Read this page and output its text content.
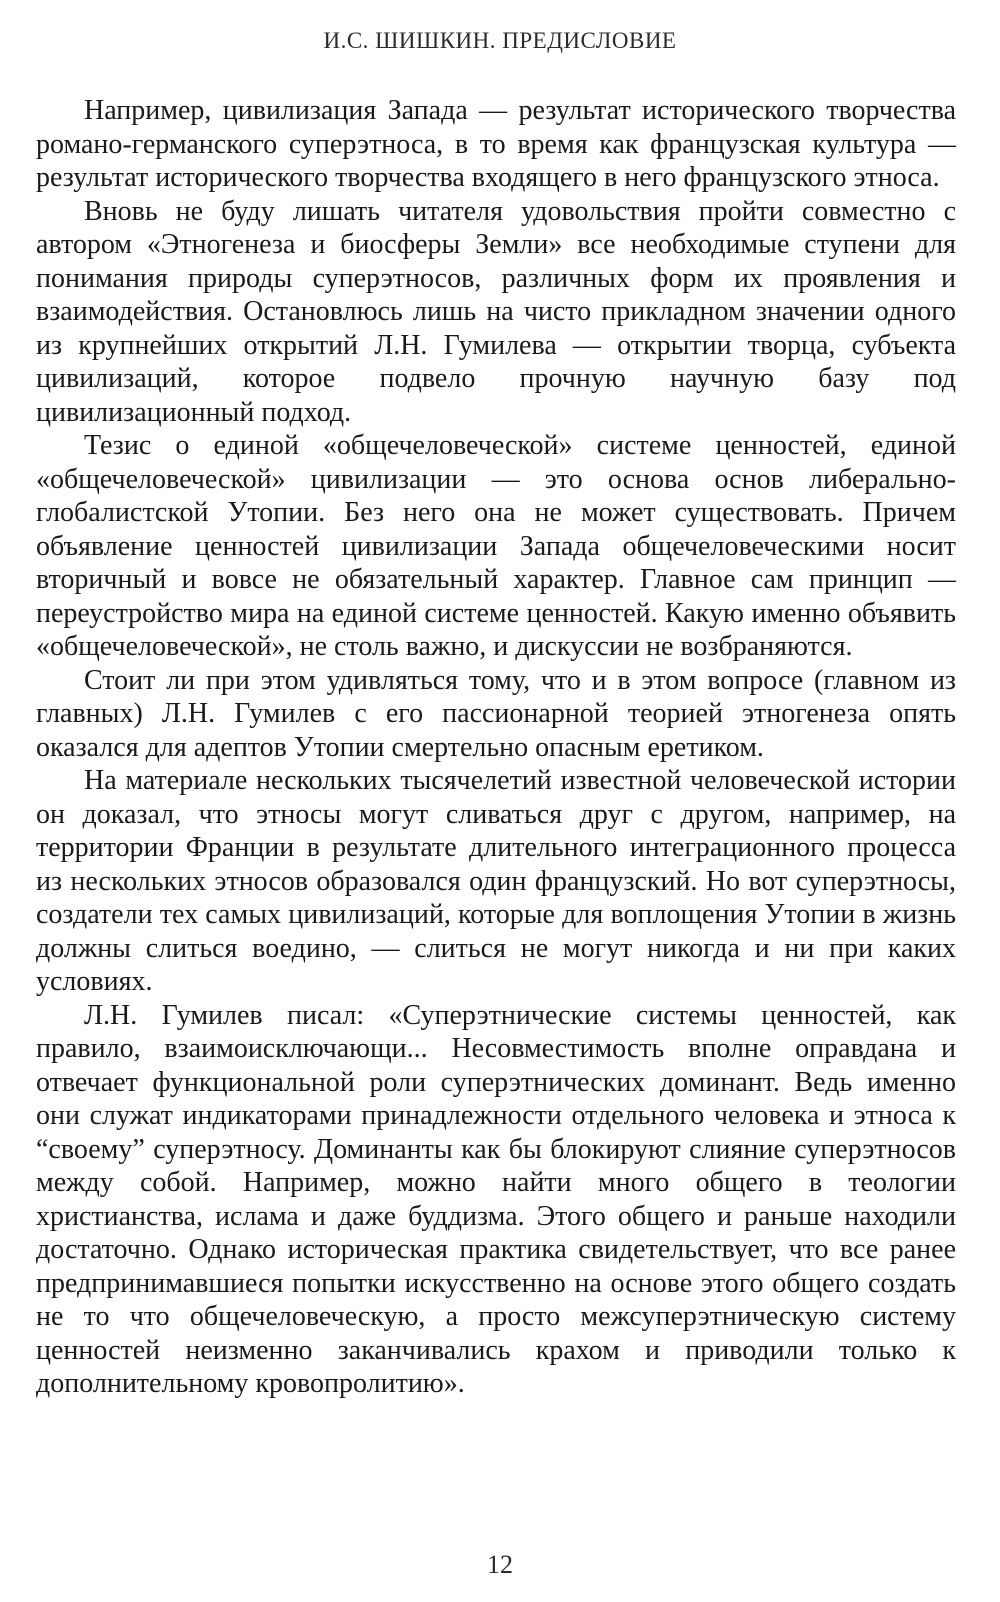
И.С. ШИШКИН. ПРЕДИСЛОВИЕ

Например, цивилизация Запада — результат исторического творчества романо-германского суперэтноса, в то время как французская культура — результат исторического творчества входящего в него французского этноса.

Вновь не буду лишать читателя удовольствия пройти совместно с автором «Этногенеза и биосферы Земли» все необходимые ступени для понимания природы суперэтносов, различных форм их проявления и взаимодействия. Остановлюсь лишь на чисто прикладном значении одного из крупнейших открытий Л.Н. Гумилева — открытии творца, субъекта цивилизаций, которое подвело прочную научную базу под цивилизационный подход.

Тезис о единой «общечеловеческой» системе ценностей, единой «общечеловеческой» цивилизации — это основа основ либерально-глобалистской Утопии. Без него она не может существовать. Причем объявление ценностей цивилизации Запада общечеловеческими носит вторичный и вовсе не обязательный характер. Главное сам принцип — переустройство мира на единой системе ценностей. Какую именно объявить «общечеловеческой», не столь важно, и дискуссии не возбраняются.

Стоит ли при этом удивляться тому, что и в этом вопросе (главном из главных) Л.Н. Гумилев с его пассионарной теорией этногенеза опять оказался для адептов Утопии смертельно опасным еретиком.

На материале нескольких тысячелетий известной человеческой истории он доказал, что этносы могут сливаться друг с другом, например, на территории Франции в результате длительного интеграционного процесса из нескольких этносов образовался один французский. Но вот суперэтносы, создатели тех самых цивилизаций, которые для воплощения Утопии в жизнь должны слиться воедино, — слиться не могут никогда и ни при каких условиях.

Л.Н. Гумилев писал: «Суперэтнические системы ценностей, как правило, взаимоисключающи... Несовместимость вполне оправдана и отвечает функциональной роли суперэтнических доминант. Ведь именно они служат индикаторами принадлежности отдельного человека и этноса к “своему” суперэтносу. Доминанты как бы блокируют слияние суперэтносов между собой. Например, можно найти много общего в теологии христианства, ислама и даже буддизма. Этого общего и раньше находили достаточно. Однако историческая практика свидетельствует, что все ранее предпринимавшиеся попытки искусственно на основе этого общего создать не то что общечеловеческую, а просто межсуперэтническую систему ценностей неизменно заканчивались крахом и приводили только к дополнительному кровопролитию».

12
